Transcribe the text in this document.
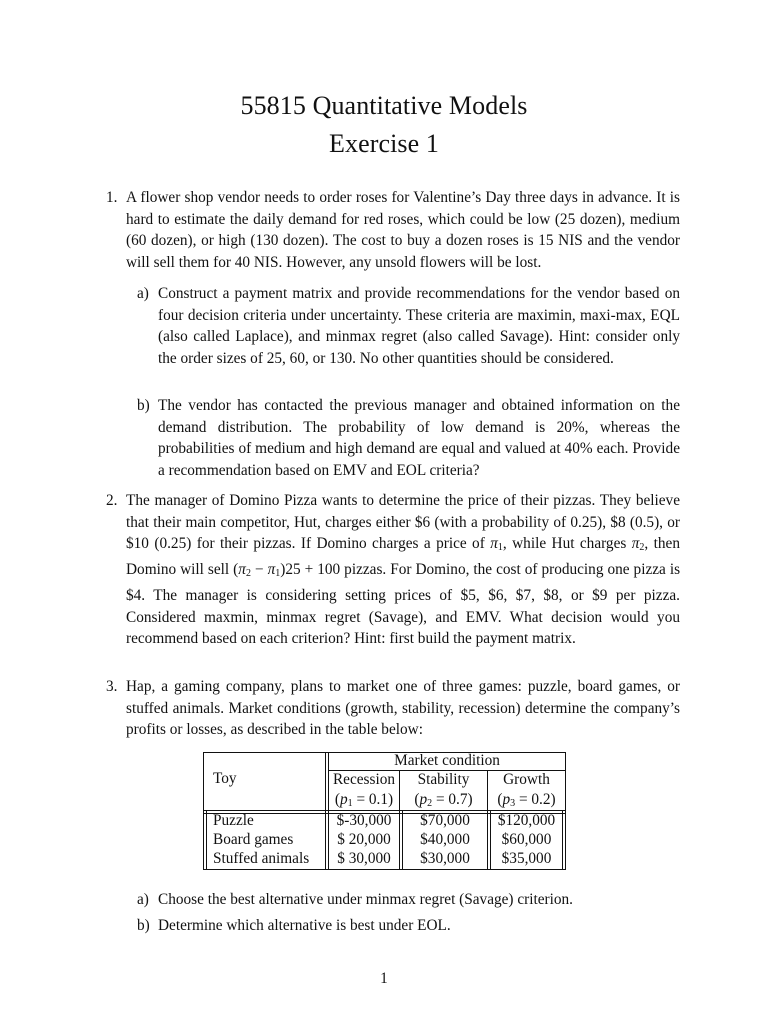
55815 Quantitative Models
Exercise 1
1. A flower shop vendor needs to order roses for Valentine’s Day three days in advance. It is hard to estimate the daily demand for red roses, which could be low (25 dozen), medium (60 dozen), or high (130 dozen). The cost to buy a dozen roses is 15 NIS and the vendor will sell them for 40 NIS. However, any unsold flowers will be lost.
a) Construct a payment matrix and provide recommendations for the vendor based on four decision criteria under uncertainty. These criteria are maximin, maxi-max, EQL (also called Laplace), and minmax regret (also called Savage). Hint: consider only the order sizes of 25, 60, or 130. No other quantities should be considered.
b) The vendor has contacted the previous manager and obtained information on the demand distribution. The probability of low demand is 20%, whereas the probabilities of medium and high demand are equal and valued at 40% each. Provide a recommendation based on EMV and EOL criteria?
2. The manager of Domino Pizza wants to determine the price of their pizzas. They believe that their main competitor, Hut, charges either $6 (with a probability of 0.25), $8 (0.5), or $10 (0.25) for their pizzas. If Domino charges a price of $\pi_1$, while Hut charges $\pi_2$, then Domino will sell $(\pi_2 - \pi_1)25 + 100$ pizzas. For Domino, the cost of producing one pizza is $4. The manager is considering setting prices of $5, $6, $7, $8, or $9 per pizza. Considered maxmin, minmax regret (Savage), and EMV. What decision would you recommend based on each criterion? Hint: first build the payment matrix.
3. Hap, a gaming company, plans to market one of three games: puzzle, board games, or stuffed animals. Market conditions (growth, stability, recession) determine the company’s profits or losses, as described in the table below:
Toy
Market condition
Recession	Stability	Growth
$(p_1 = 0.1)$	$(p_2 = 0.7)$	$(p_3 = 0.2)$
Puzzle	$-30,000	$70,000	$120,000
Board games	$ 20,000	$40,000	$60,000
Stuffed animals	$ 30,000	$30,000	$35,000
a) Choose the best alternative under minmax regret (Savage) criterion.
b) Determine which alternative is best under EOL.
1
